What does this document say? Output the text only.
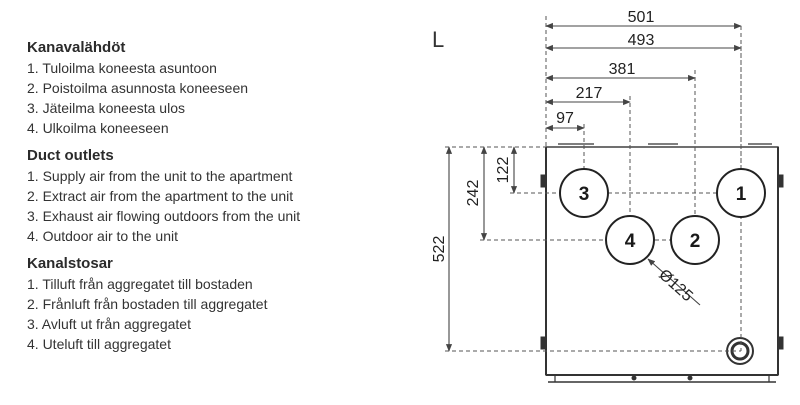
Kanavalähdöt
1. Tuloilma koneesta asuntoon
2. Poistoilma asunnosta koneeseen
3. Jäteilma koneesta ulos
4. Ulkoilma koneeseen
Duct outlets
1. Supply air from the unit to the apartment
2. Extract air from the apartment to the unit
3. Exhaust air flowing outdoors from the unit
4. Outdoor air to the unit
Kanalstosar
1. Tilluft från aggregatet till bostaden
2. Frånluft från bostaden till aggregatet
3. Avluft ut från aggregatet
4. Uteluft till aggregatet
L
501
493
381
217
97
522
242
122
3	1
4	2
Ø125
